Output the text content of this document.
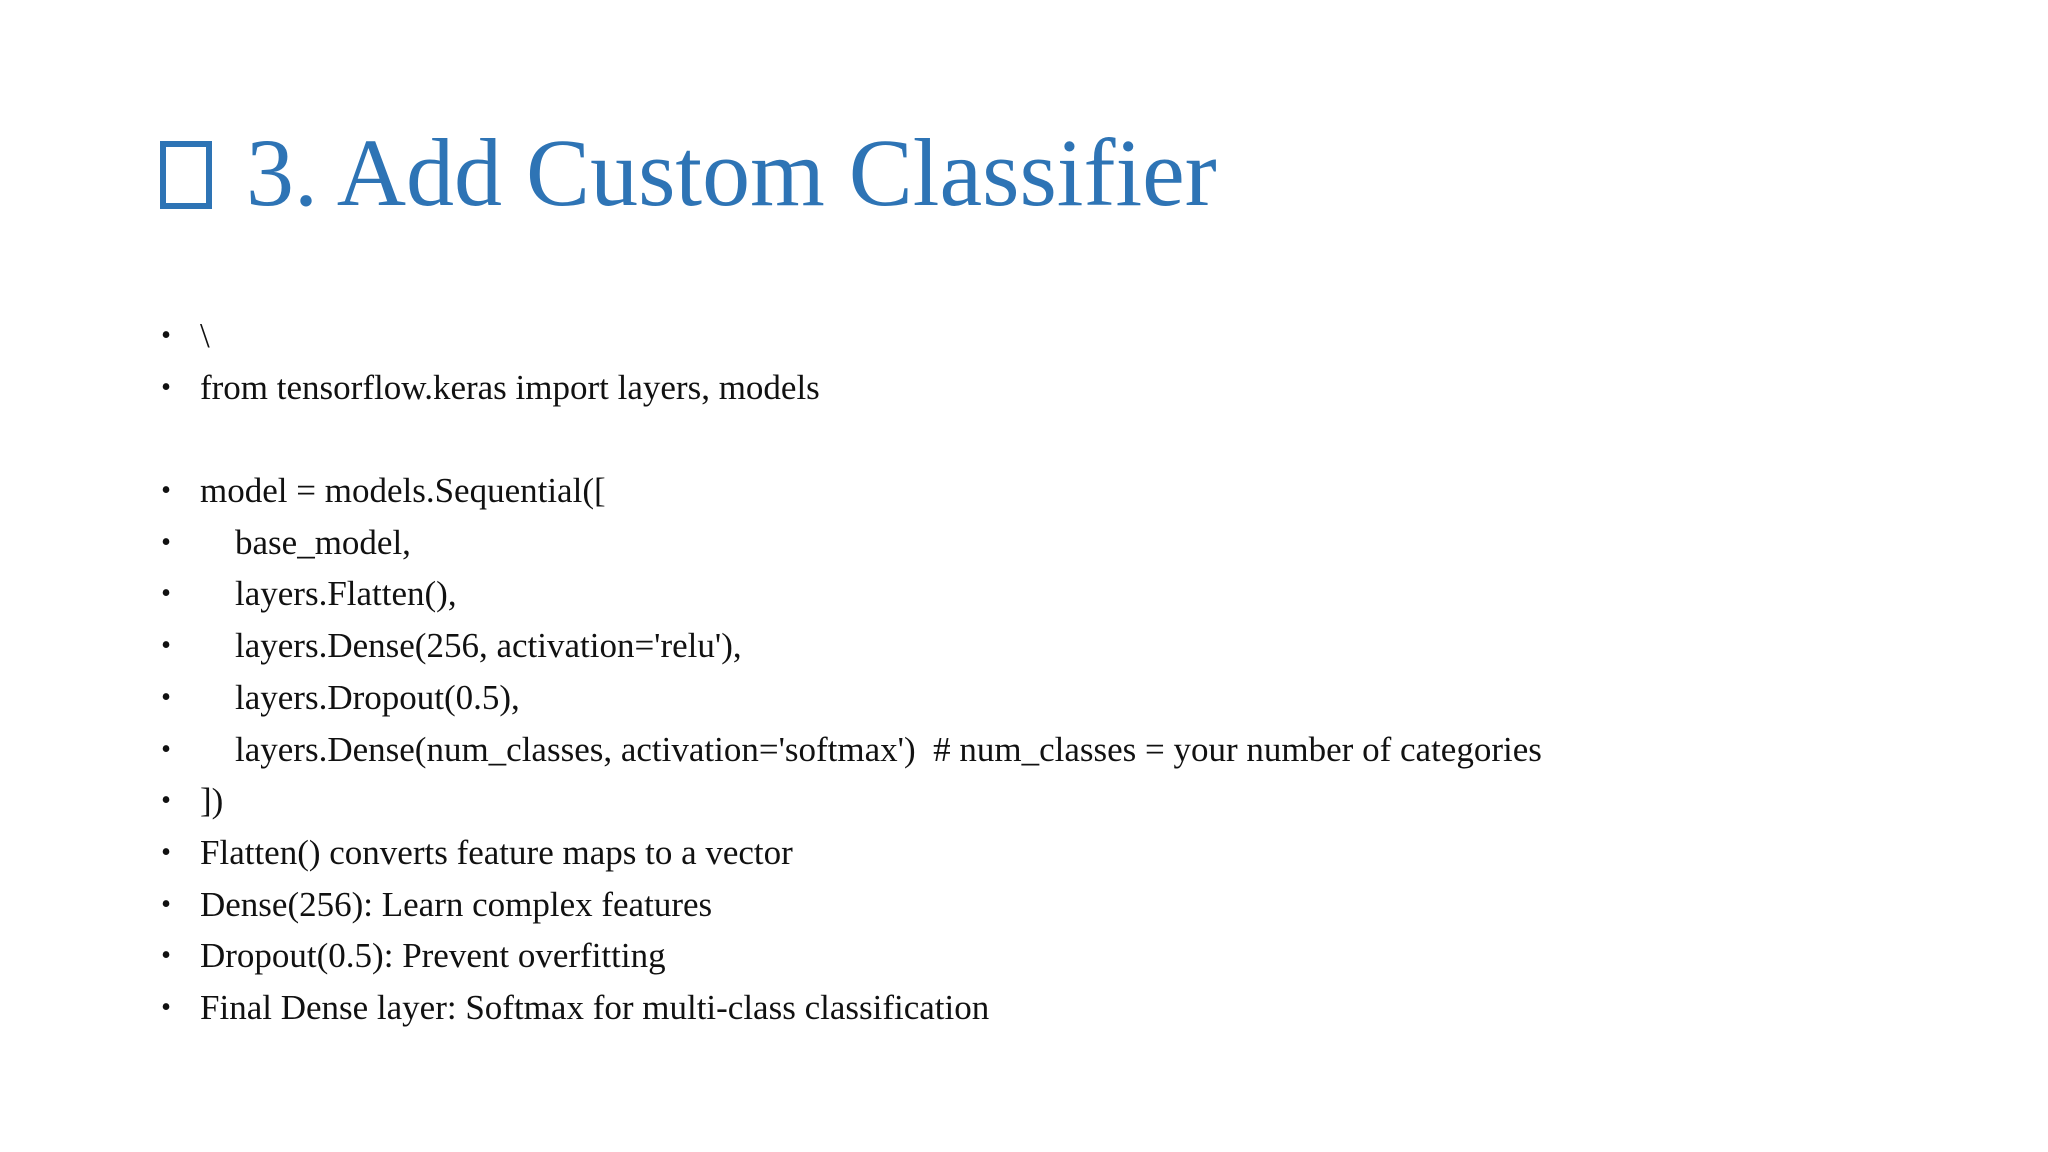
3. Add Custom Classifier
• \
• from tensorflow.keras import layers, models
• model = models.Sequential([
• base_model,
• layers.Flatten(),
• layers.Dense(256, activation='relu'),
• layers.Dropout(0.5),
• layers.Dense(num_classes, activation='softmax')  # num_classes = your number of categories
• ])
• Flatten() converts feature maps to a vector
• Dense(256): Learn complex features
• Dropout(0.5): Prevent overfitting
• Final Dense layer: Softmax for multi-class classification
